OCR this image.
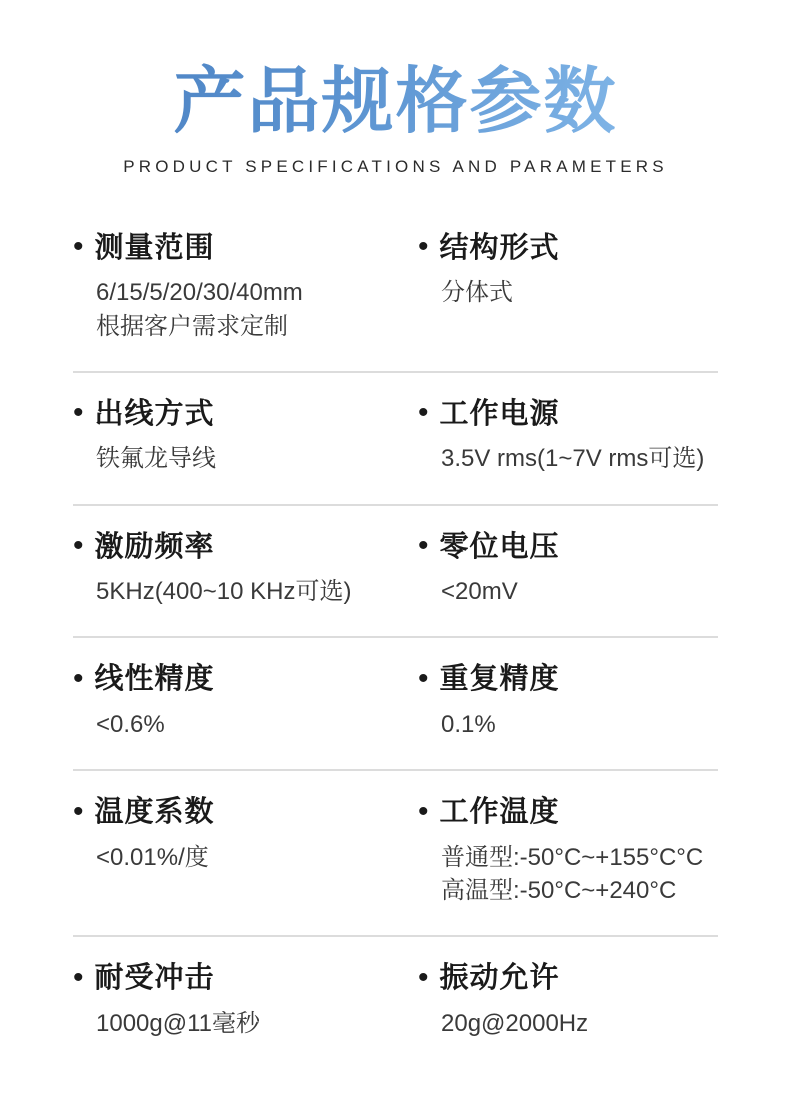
产品规格参数
PRODUCT SPECIFICATIONS AND PARAMETERS
• 测量范围
6/15/5/20/30/40mm
根据客户需求定制
• 结构形式
分体式
• 出线方式
铁氟龙导线
• 工作电源
3.5V rms(1~7V rms可选)
• 激励频率
5KHz(400~10 KHz可选)
• 零位电压
<20mV
• 线性精度
<0.6%
• 重复精度
0.1%
• 温度系数
<0.01%/度
• 工作温度
普通型:-50°C~+155°C°C
高温型:-50°C~+240°C
• 耐受冲击
1000g@11毫秒
• 振动允许
20g@2000Hz
